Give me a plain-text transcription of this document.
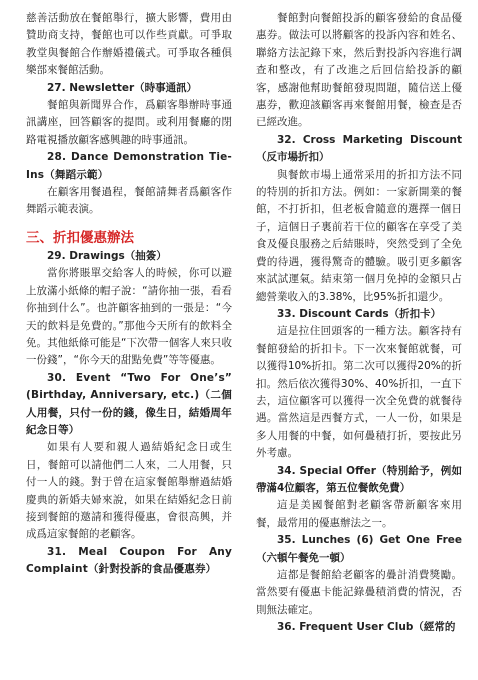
慈善活動放在餐館舉行，擴大影響，費用由贊助商支持，餐館也可以作些貢獻。可爭取教堂與餐館合作辦婚禮儀式。可爭取各種俱樂部來餐館活動。

27. Newsletter（時事通訊）

餐館與新聞界合作，爲顧客舉辦時事通訊講座，回答顧客的提問。或利用餐廳的閉路電視播放顧客感興趣的時事通訊。

28. Dance Demonstration Tie-Ins（舞蹈示範）

在顧客用餐過程，餐館請舞者爲顧客作舞蹈示範表演。

三、折扣優惠辦法

29. Drawings（抽簽）

當你將賬單交給客人的時候，你可以避上放滿小紙條的帽子說：“請你抽一張，看看你抽到什么”。也許顧客抽到的一張是：“今天的飲料是免費的。”那他今天所有的飲料全免。其他紙條可能是“下次帶一個客人來只收一份錢”，“你今天的甜點免費”等等優惠。

30. Event “Two For One’s” (Birthday, Anniversary, etc.)（二個人用餐，只付一份的錢，像生日，結婚周年紀念日等）

如果有人要和親人過結婚紀念日或生日，餐館可以請他們二人來，二人用餐，只付一人的錢。對于曾在這家餐館舉辦過結婚慶典的新婚夫婦來說，如果在結婚紀念日前接到餐館的邀請和獲得優惠，會很高興，并成爲這家餐館的老顧客。

31. Meal Coupon For Any Complaint（針對投訴的食品優惠券）

餐館對向餐館投訴的顧客發給的食品優惠券。做法可以將顧客的投訴內容和姓名、聯絡方法記錄下來，然后對投訴內容進行調查和整改，有了改進之后回信給投訴的顧客，感謝他幫助餐館發現問題，隨信送上優惠券，歡迎該顧客再來餐館用餐，檢查是否已經改進。

32. Cross Marketing Discount（反市場折扣）

與餐飲市場上通常采用的折扣方法不同的特別的折扣方法。例如：一家新開業的餐館，不打折扣，但老板會隨意的選擇一個日子，這個日子裏前若干位的顧客在享受了美食及優良服務之后結賬時，突然受到了全免費的待遇，獲得驚奇的體驗。吸引更多顧客來試試運氣。結束第一個月免掉的金額只占總營業收入的3.38%，比95%折扣還少。

33. Discount Cards（折扣卡）

這是拉住回頭客的一種方法。顧客持有餐館發給的折扣卡。下一次來餐館就餐，可以獲得10%折扣。第二次可以獲得20%的折扣。然后依次獲得30%、40%折扣，一直下去，這位顧客可以獲得一次全免費的就餐待遇。當然這是西餐方式，一人一份，如果是多人用餐的中餐，如何疊積打折，要按此另外考慮。

34. Special Offer（特別給予，例如帶滿4位顧客，第五位餐飲免費）

這是美國餐館對老顧客帶新顧客來用餐，最常用的優惠辦法之一。

35. Lunches (6) Get One Free（六頓午餐免一頓）

這都是餐館給老顧客的疊計消費獎勵。當然要有優惠卡能記錄疊積消費的情況，否則無法確定。

36. Frequent User Club（經常的
